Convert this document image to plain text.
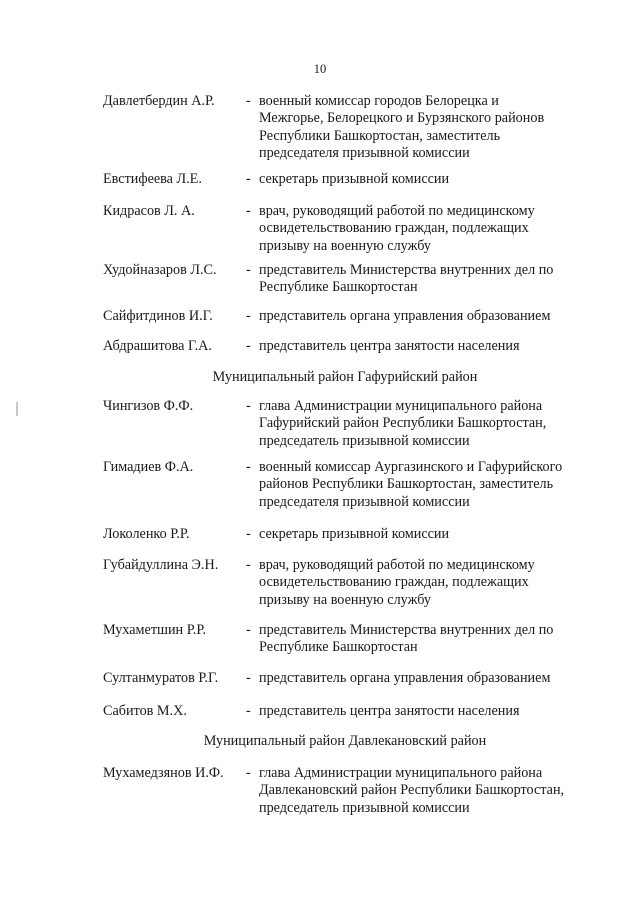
10
Давлетбердин А.Р. - военный комиссар городов Белорецка и
Межгорье, Белорецкого и Бурзянского районов
Республики Башкортостан, заместитель
председателя призывной комиссии
Евстифеева Л.Е.	- секретарь призывной комиссии
Кидрасов Л. А.	- врач, руководящий работой по медицинскому
освидетельствованию граждан, подлежащих
призыву на военную службу
Худойназаров Л.С. - представитель Министерства внутренних дел по
Республике Башкортостан
Сайфитдинов И.Г. - представитель органа управления образованием
Абдрашитова Г.А. - представитель центра занятости населения
Муниципальный район Гафурийский район
Чингизов Ф.Ф.	- глава Администрации муниципального района
Гафурийский район Республики Башкортостан,
председатель призывной комиссии
Гимадиев Ф.А.	- военный комиссар Аургазинского и Гафурийского
районов Республики Башкортостан, заместитель
председателя призывной комиссии
Локоленко Р.Р.	- секретарь призывной комиссии
Губайдуллина Э.Н. - врач, руководящий работой по медицинскому
освидетельствованию граждан, подлежащих
призыву на военную службу
Мухаметшин Р.Р.	- представитель Министерства внутренних дел по
Республике Башкортостан
Султанмуратов Р.Г. - представитель органа управления образованием
Сабитов М.Х.	- представитель центра занятости населения
Муниципальный район Давлекановский район
Мухамедзянов И.Ф. - глава Администрации муниципального района
Давлекановский район Республики Башкортостан,
председатель призывной комиссии
